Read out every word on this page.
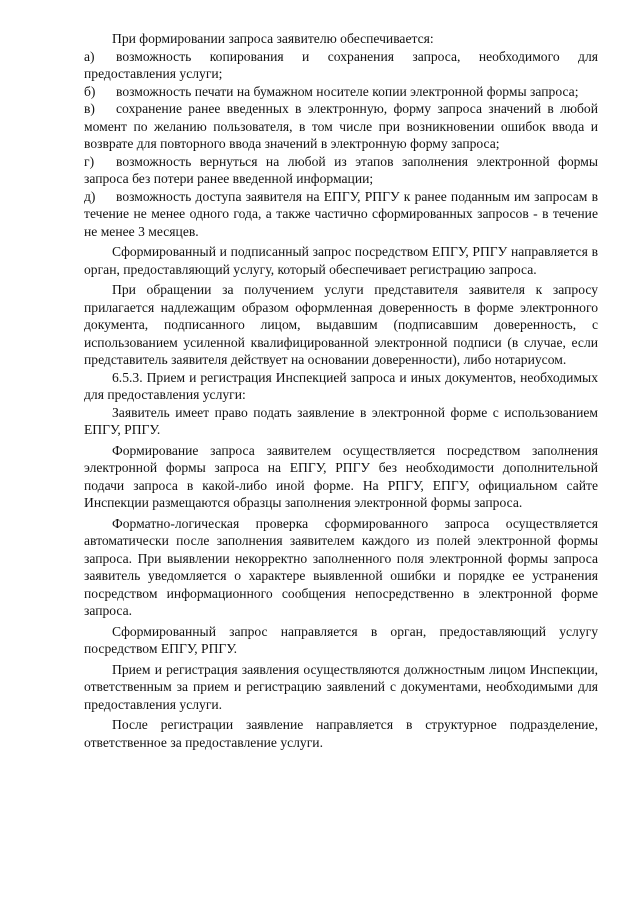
При формировании запроса заявителю обеспечивается:

а) возможность копирования и сохранения запроса, необходимого для предоставления услуги;

б) возможность печати на бумажном носителе копии электронной формы запроса;

в) сохранение ранее введенных в электронную, форму запроса значений в любой момент по желанию пользователя, в том числе при возникновении ошибок ввода и возврате для повторного ввода значений в электронную форму запроса;

г) возможность вернуться на любой из этапов заполнения электронной формы запроса без потери ранее введенной информации;

д) возможность доступа заявителя на ЕПГУ, РПГУ к ранее поданным им запросам в течение не менее одного года, а также частично сформированных запросов - в течение не менее 3 месяцев.

Сформированный и подписанный запрос посредством ЕПГУ, РПГУ направляется в орган, предоставляющий услугу, который обеспечивает регистрацию запроса.

При обращении за получением услуги представителя заявителя к запросу прилагается надлежащим образом оформленная доверенность в форме электронного документа, подписанного лицом, выдавшим (подписавшим доверенность, с использованием усиленной квалифицированной электронной подписи (в случае, если представитель заявителя действует на основании доверенности), либо нотариусом.

6.5.3. Прием и регистрация Инспекцией запроса и иных документов, необходимых для предоставления услуги:

Заявитель имеет право подать заявление в электронной форме с использованием ЕПГУ, РПГУ.

Формирование запроса заявителем осуществляется посредством заполнения электронной формы запроса на ЕПГУ, РПГУ без необходимости дополнительной подачи запроса в какой-либо иной форме. На РПГУ, ЕПГУ, официальном сайте Инспекции размещаются образцы заполнения электронной формы запроса.

Форматно-логическая проверка сформированного запроса осуществляется автоматически после заполнения заявителем каждого из полей электронной формы запроса. При выявлении некорректно заполненного поля электронной формы запроса заявитель уведомляется о характере выявленной ошибки и порядке ее устранения посредством информационного сообщения непосредственно в электронной форме запроса.

Сформированный запрос направляется в орган, предоставляющий услугу посредством ЕПГУ, РПГУ.

Прием и регистрация заявления осуществляются должностным лицом Инспекции, ответственным за прием и регистрацию заявлений с документами, необходимыми для предоставления услуги.

После регистрации заявление направляется в структурное подразделение, ответственное за предоставление услуги.
